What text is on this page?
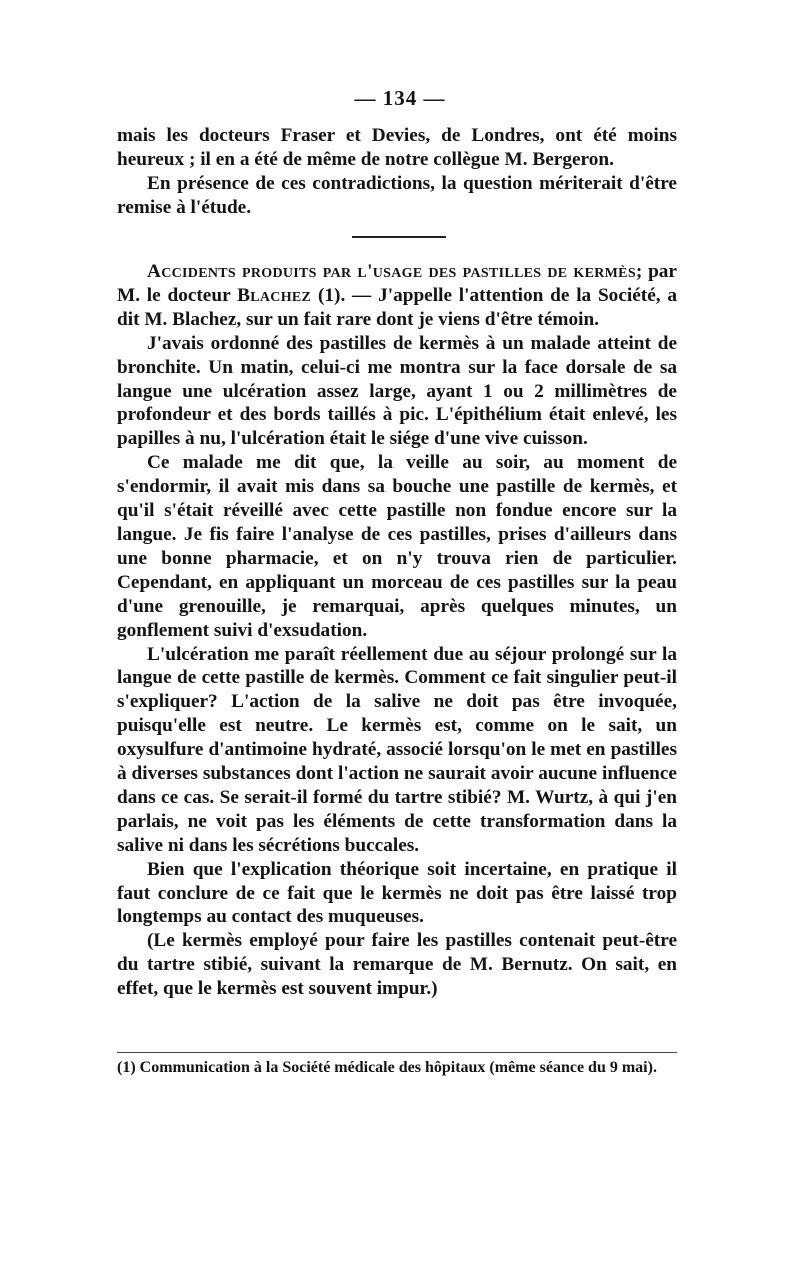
— 134 —

mais les docteurs Fraser et Devies, de Londres, ont été moins heureux ; il en a été de même de notre collègue M. Bergeron.

En présence de ces contradictions, la question mériterait d'être remise à l'étude.

Accidents produits par l'usage des pastilles de kermès; par M. le docteur Blachez (1). — J'appelle l'attention de la Société, a dit M. Blachez, sur un fait rare dont je viens d'être témoin.

J'avais ordonné des pastilles de kermès à un malade atteint de bronchite. Un matin, celui-ci me montra sur la face dorsale de sa langue une ulcération assez large, ayant 1 ou 2 millimètres de profondeur et des bords taillés à pic. L'épithélium était enlevé, les papilles à nu, l'ulcération était le siége d'une vive cuisson.

Ce malade me dit que, la veille au soir, au moment de s'endormir, il avait mis dans sa bouche une pastille de kermès, et qu'il s'était réveillé avec cette pastille non fondue encore sur la langue. Je fis faire l'analyse de ces pastilles, prises d'ailleurs dans une bonne pharmacie, et on n'y trouva rien de particulier. Cependant, en appliquant un morceau de ces pastilles sur la peau d'une grenouille, je remarquai, après quelques minutes, un gonflement suivi d'exsudation.

L'ulcération me paraît réellement due au séjour prolongé sur la langue de cette pastille de kermès. Comment ce fait singulier peut-il s'expliquer? L'action de la salive ne doit pas être invoquée, puisqu'elle est neutre. Le kermès est, comme on le sait, un oxysulfure d'antimoine hydraté, associé lorsqu'on le met en pastilles à diverses substances dont l'action ne saurait avoir aucune influence dans ce cas. Se serait-il formé du tartre stibié? M. Wurtz, à qui j'en parlais, ne voit pas les éléments de cette transformation dans la salive ni dans les sécrétions buccales.

Bien que l'explication théorique soit incertaine, en pratique il faut conclure de ce fait que le kermès ne doit pas être laissé trop longtemps au contact des muqueuses.

(Le kermès employé pour faire les pastilles contenait peut-être du tartre stibié, suivant la remarque de M. Bernutz. On sait, en effet, que le kermès est souvent impur.)

(1) Communication à la Société médicale des hôpitaux (même séance du 9 mai).
